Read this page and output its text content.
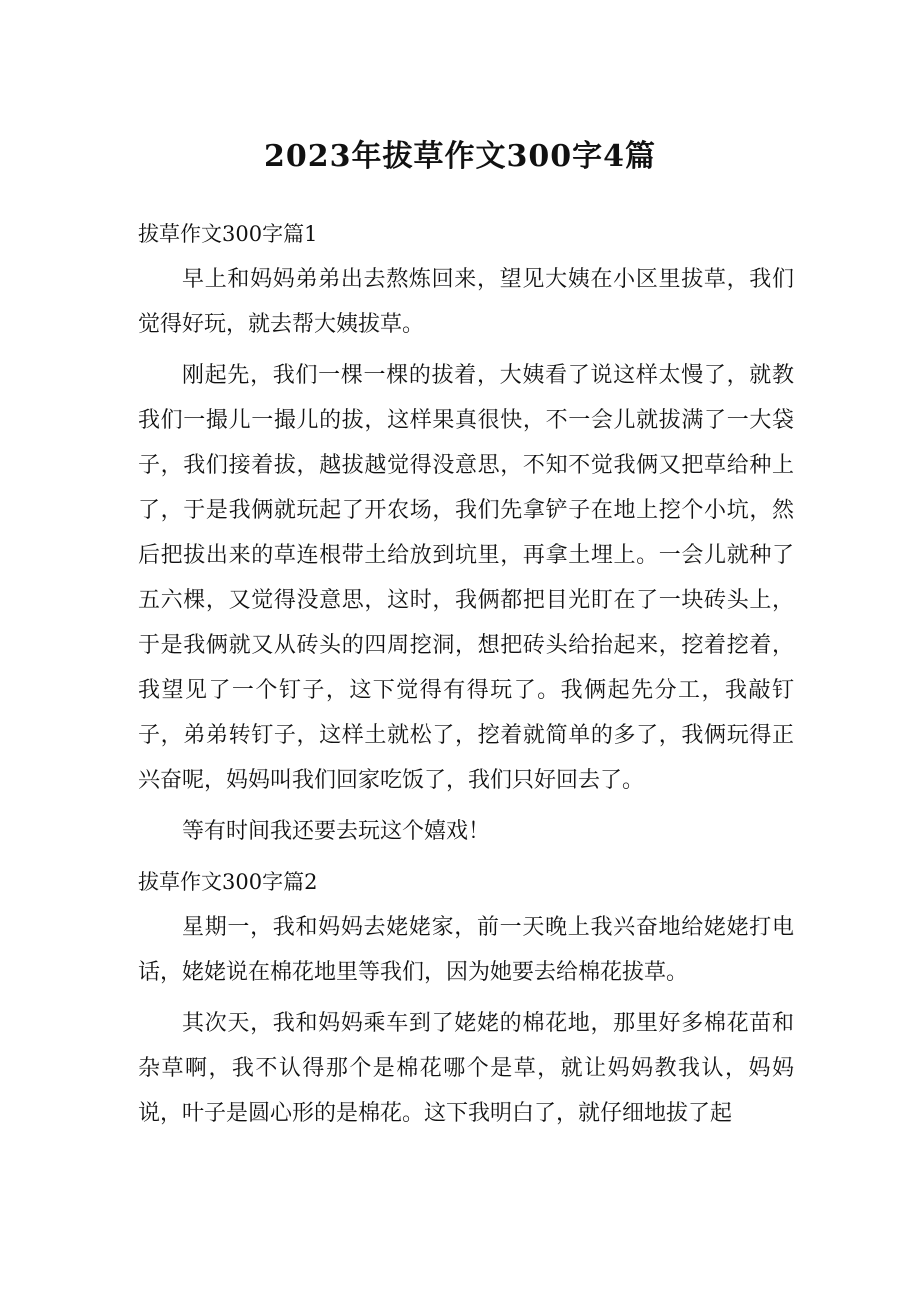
2023年拔草作文300字4篇

拔草作文300字篇1

早上和妈妈弟弟出去熬炼回来，望见大姨在小区里拔草，我们觉得好玩，就去帮大姨拔草。

刚起先，我们一棵一棵的拔着，大姨看了说这样太慢了，就教我们一撮儿一撮儿的拔，这样果真很快，不一会儿就拔满了一大袋子，我们接着拔，越拔越觉得没意思，不知不觉我俩又把草给种上了，于是我俩就玩起了开农场，我们先拿铲子在地上挖个小坑，然后把拔出来的草连根带土给放到坑里，再拿土埋上。一会儿就种了五六棵，又觉得没意思，这时，我俩都把目光盯在了一块砖头上，于是我俩就又从砖头的四周挖洞，想把砖头给抬起来，挖着挖着，我望见了一个钉子，这下觉得有得玩了。我俩起先分工，我敲钉子，弟弟转钉子，这样土就松了，挖着就简单的多了，我俩玩得正兴奋呢，妈妈叫我们回家吃饭了，我们只好回去了。

等有时间我还要去玩这个嬉戏！

拔草作文300字篇2

星期一，我和妈妈去姥姥家，前一天晚上我兴奋地给姥姥打电话，姥姥说在棉花地里等我们，因为她要去给棉花拔草。

其次天，我和妈妈乘车到了姥姥的棉花地，那里好多棉花苗和杂草啊，我不认得那个是棉花哪个是草，就让妈妈教我认，妈妈说，叶子是圆心形的是棉花。这下我明白了，就仔细地拔了起
